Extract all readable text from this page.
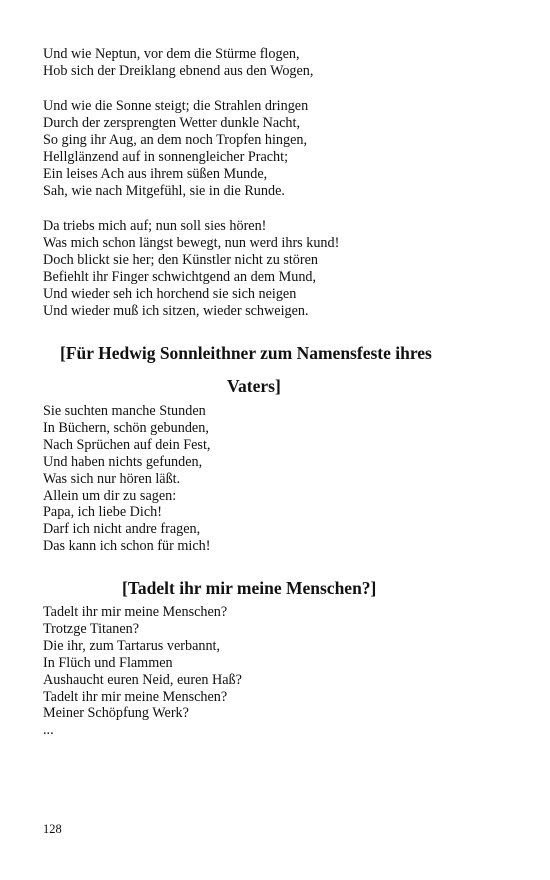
Und wie Neptun, vor dem die Stürme flogen,
Hob sich der Dreiklang ebnend aus den Wogen,
Und wie die Sonne steigt; die Strahlen dringen
Durch der zersprengten Wetter dunkle Nacht,
So ging ihr Aug, an dem noch Tropfen hingen,
Hellglänzend auf in sonnengleicher Pracht;
Ein leises Ach aus ihrem süßen Munde,
Sah, wie nach Mitgefühl, sie in die Runde.
Da triebs mich auf; nun soll sies hören!
Was mich schon längst bewegt, nun werd ihrs kund!
Doch blickt sie her; den Künstler nicht zu stören
Befiehlt ihr Finger schwichtgend an dem Mund,
Und wieder seh ich horchend sie sich neigen
Und wieder muß ich sitzen, wieder schweigen.
[Für Hedwig Sonnleithner zum Namensfeste ihres
Vaters]
Sie suchten manche Stunden
In Büchern, schön gebunden,
Nach Sprüchen auf dein Fest,
Und haben nichts gefunden,
Was sich nur hören läßt.
Allein um dir zu sagen:
Papa, ich liebe Dich!
Darf ich nicht andre fragen,
Das kann ich schon für mich!
[Tadelt ihr mir meine Menschen?]
Tadelt ihr mir meine Menschen?
Trotzge Titanen?
Die ihr, zum Tartarus verbannt,
In Flüch und Flammen
Aushaucht euren Neid, euren Haß?
Tadelt ihr mir meine Menschen?
Meiner Schöpfung Werk?
...
128
